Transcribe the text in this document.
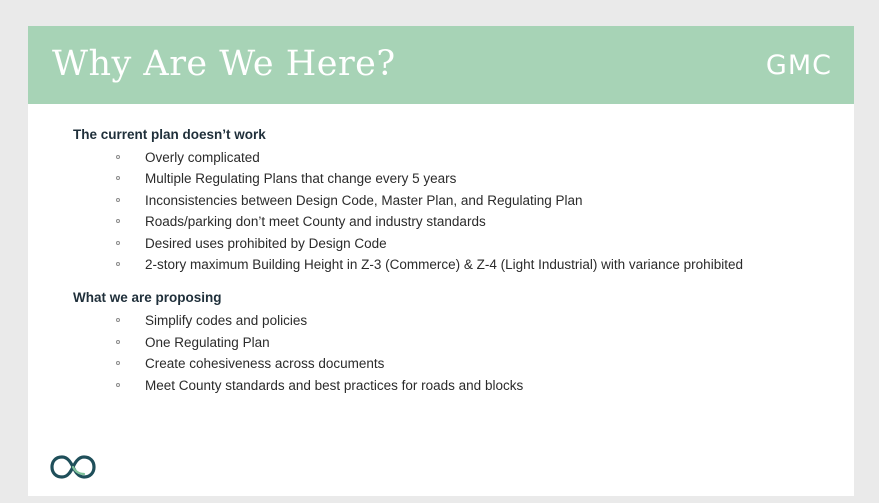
Why Are We Here?	GMC
The current plan doesn’t work
Overly complicated
Multiple Regulating Plans that change every 5 years
Inconsistencies between Design Code, Master Plan, and Regulating Plan
Roads/parking don’t meet County and industry standards
Desired uses prohibited by Design Code
2-story maximum Building Height in Z-3 (Commerce) & Z-4 (Light Industrial) with variance prohibited
What we are proposing
Simplify codes and policies
One Regulating Plan
Create cohesiveness across documents
Meet County standards and best practices for roads and blocks
